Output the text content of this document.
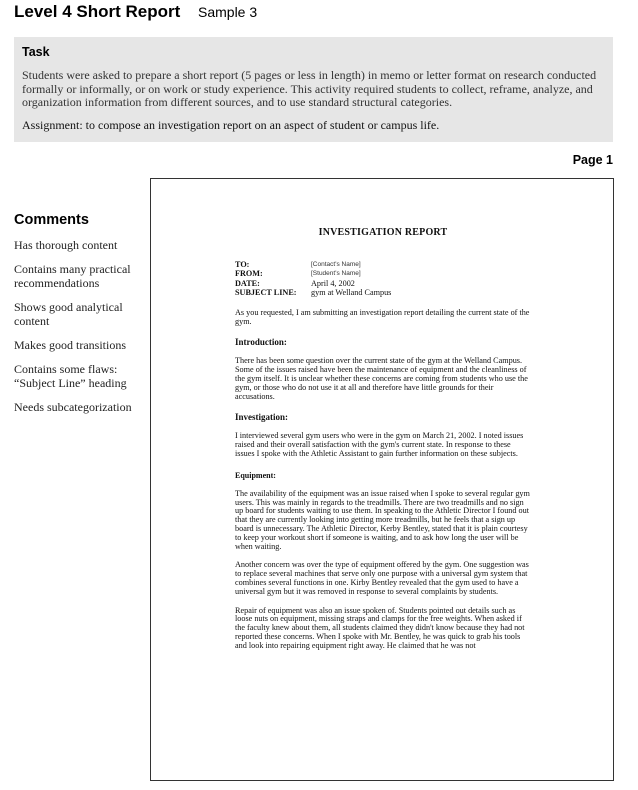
Level 4 Short Report Sample 3
Task
Students were asked to prepare a short report (5 pages or less in length) in memo or letter format on research conducted formally or informally, or on work or study experience. This activity required students to collect, reframe, analyze, and organization information from different sources, and to use standard structural categories.
Assignment: to compose an investigation report on an aspect of student or campus life.
Page 1
Comments
Has thorough content
Contains many practical recommendations
Shows good analytical content
Makes good transitions
Contains some flaws: “Subject Line” heading
Needs subcategorization
INVESTIGATION REPORT
TO:	[Contact's Name]
FROM:	[Student's Name]
DATE:	April 4, 2002
SUBJECT LINE:	gym at Welland Campus
As you requested, I am submitting an investigation report detailing the current state of the gym.
Introduction:
There has been some question over the current state of the gym at the Welland Campus. Some of the issues raised have been the maintenance of equipment and the cleanliness of the gym itself. It is unclear whether these concerns are coming from students who use the gym, or those who do not use it at all and therefore have little grounds for their accusations.
Investigation:
I interviewed several gym users who were in the gym on March 21, 2002. I noted issues raised and their overall satisfaction with the gym's current state. In response to these issues I spoke with the Athletic Assistant to gain further information on these subjects.
Equipment:
The availability of the equipment was an issue raised when I spoke to several regular gym users. This was mainly in regards to the treadmills. There are two treadmills and no sign up board for students waiting to use them. In speaking to the Athletic Director I found out that they are currently looking into getting more treadmills, but he feels that a sign up board is unnecessary. The Athletic Director, Kerby Bentley, stated that it is plain courtesy to keep your workout short if someone is waiting, and to ask how long the user will be when waiting.
Another concern was over the type of equipment offered by the gym. One suggestion was to replace several machines that serve only one purpose with a universal gym system that combines several functions in one. Kirby Bentley revealed that the gym used to have a universal gym but it was removed in response to several complaints by students.
Repair of equipment was also an issue spoken of. Students pointed out details such as loose nuts on equipment, missing straps and clamps for the free weights. When asked if the faculty knew about them, all students claimed they didn't know because they had not reported these concerns. When I spoke with Mr. Bentley, he was quick to grab his tools and look into repairing equipment right away. He claimed that he was not
